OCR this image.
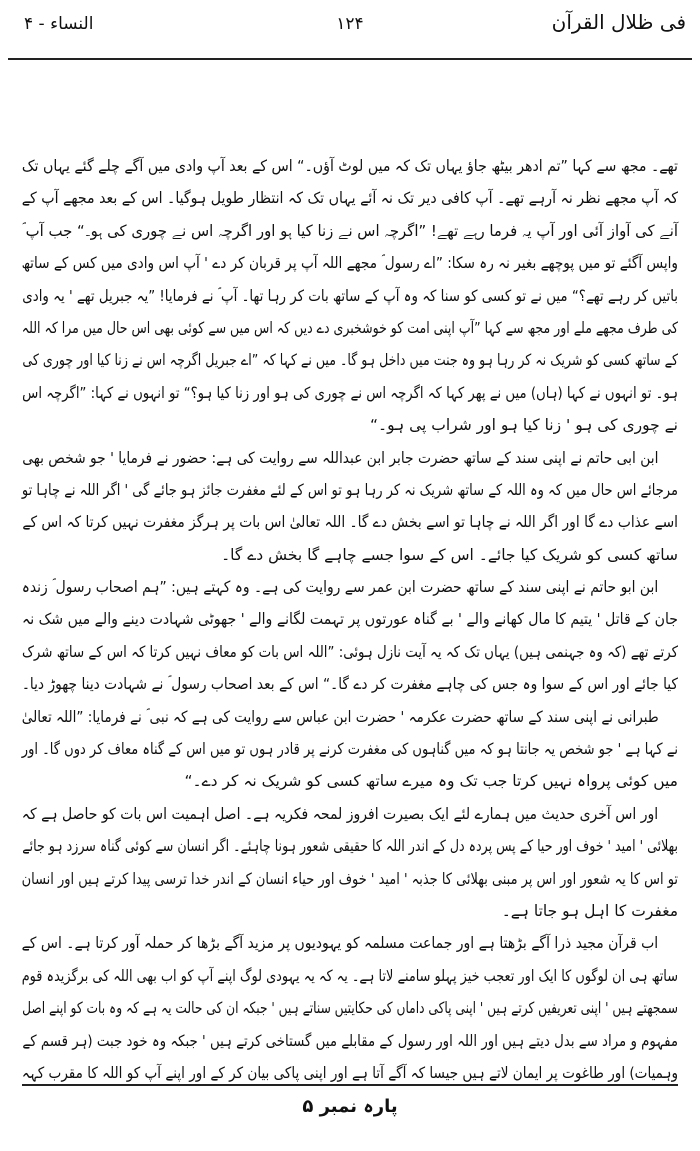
فی ظلال القرآن
۱۲۴
النساء - ۴
تھے۔ مجھ سے کہا ”تم ادھر بیٹھ جاؤ یہاں تک کہ میں لوٹ آؤں۔“ اس کے بعد آپ وادی میں آگے چلے گئے یہاں تک
کہ آپ مجھے نظر نہ آرہے تھے۔ آپ کافی دیر تک نہ آئے یہاں تک کہ انتظار طویل ہوگیا۔ اس کے بعد مجھے آپ کے
آنے کی آواز آئی اور آپ یہ فرما رہے تھے! ”اگرچہ اس نے زنا کیا ہو اور اگرچہ اس نے چوری کی ہو۔“ جب آپ ؐ
واپس آگئے تو میں پوچھے بغیر نہ رہ سکا: ”اے رسول ؐ مجھے اللہ آپ پر قربان کر دے ' آپ اس وادی میں کس کے ساتھ
باتیں کر رہے تھے؟“ میں نے تو کسی کو سنا کہ وہ آپ کے ساتھ بات کر رہا تھا۔ آپ ؐ نے فرمایا! ”یہ جبریل تھے ' یہ وادی
کی طرف مجھے ملے اور مجھ سے کہا ”آپ اپنی امت کو خوشخبری دے دیں کہ اس میں سے کوئی بھی اس حال میں مرا کہ اللہ
کے ساتھ کسی کو شریک نہ کر رہا ہو وہ جنت میں داخل ہو گا۔ میں نے کہا کہ ”اے جبریل اگرچہ اس نے زنا کیا اور چوری کی
ہو۔ تو انہوں نے کہا (ہاں) میں نے پھر کہا کہ اگرچہ اس نے چوری کی ہو اور زنا کیا ہو؟“ تو انہوں نے کہا: ”اگرچہ اس
نے چوری کی ہو ' زنا کیا ہو اور شراب پی ہو۔“
ابن ابی حاتم نے اپنی سند کے ساتھ حضرت جابر ابن عبداللہ سے روایت کی ہے: حضور نے فرمایا ' جو شخص بھی
مرجائے اس حال میں کہ وہ اللہ کے ساتھ شریک نہ کر رہا ہو تو اس کے لئے مغفرت جائز ہو جائے گی ' اگر اللہ نے چاہا تو
اسے عذاب دے گا اور اگر اللہ نے چاہا تو اسے بخش دے گا۔ اللہ تعالیٰ اس بات پر ہرگز مغفرت نہیں کرتا کہ اس کے
ساتھ کسی کو شریک کیا جائے۔ اس کے سوا جسے چاہے گا بخش دے گا۔
ابن ابو حاتم نے اپنی سند کے ساتھ حضرت ابن عمر سے روایت کی ہے۔ وہ کہتے ہیں: ”ہم اصحاب رسول ؐ زندہ
جان کے قاتل ' یتیم کا مال کھانے والے ' بے گناہ عورتوں پر تہمت لگانے والے ' جھوٹی شہادت دینے والے میں شک نہ
کرتے تھے (کہ وہ جہنمی ہیں) یہاں تک کہ یہ آیت نازل ہوئی: ”اللہ اس بات کو معاف نہیں کرتا کہ اس کے ساتھ شرک
کیا جائے اور اس کے سوا وہ جس کی چاہے مغفرت کر دے گا۔“ اس کے بعد اصحاب رسول ؐ نے شہادت دینا چھوڑ دیا۔
طبرانی نے اپنی سند کے ساتھ حضرت عکرمہ ' حضرت ابن عباس سے روایت کی ہے کہ نبی ؐ نے فرمایا: ”اللہ تعالیٰ
نے کہا ہے ' جو شخص یہ جانتا ہو کہ میں گناہوں کی مغفرت کرنے پر قادر ہوں تو میں اس کے گناہ معاف کر دوں گا۔ اور
میں کوئی پرواہ نہیں کرتا جب تک وہ میرے ساتھ کسی کو شریک نہ کر دے۔“
اور اس آخری حدیث میں ہمارے لئے ایک بصیرت افروز لمحہ فکریہ ہے۔ اصل اہمیت اس بات کو حاصل ہے کہ
بھلائی ' امید ' خوف اور حیا کے پس پردہ دل کے اندر اللہ کا حقیقی شعور ہونا چاہئے۔ اگر انسان سے کوئی گناہ سرزد ہو جائے
تو اس کا یہ شعور اور اس پر مبنی بھلائی کا جذبہ ' امید ' خوف اور حیاء انسان کے اندر خدا ترسی پیدا کرتے ہیں اور انسان
مغفرت کا اہل ہو جاتا ہے۔
اب قرآن مجید ذرا آگے بڑھتا ہے اور جماعت مسلمہ کو یہودیوں پر مزید آگے بڑھا کر حملہ آور کرتا ہے۔ اس کے
ساتھ ہی ان لوگوں کا ایک اور تعجب خیز پہلو سامنے لاتا ہے۔ یہ کہ یہ یہودی لوگ اپنے آپ کو اب بھی اللہ کی برگزیدہ قوم
سمجھتے ہیں ' اپنی تعریفیں کرتے ہیں ' اپنی پاکی داماں کی حکایتیں سناتے ہیں ' جبکہ ان کی حالت یہ ہے کہ وہ بات کو اپنے اصل
مفہوم و مراد سے بدل دیتے ہیں اور اللہ اور رسول کے مقابلے میں گستاخی کرتے ہیں ' جبکہ وہ خود جبت (ہر قسم کے
وہمیات) اور طاغوت پر ایمان لاتے ہیں جیسا کہ آگے آتا ہے اور اپنی پاکی بیان کر کے اور اپنے آپ کو اللہ کا مقرب کہہ
پارہ نمبر ۵
